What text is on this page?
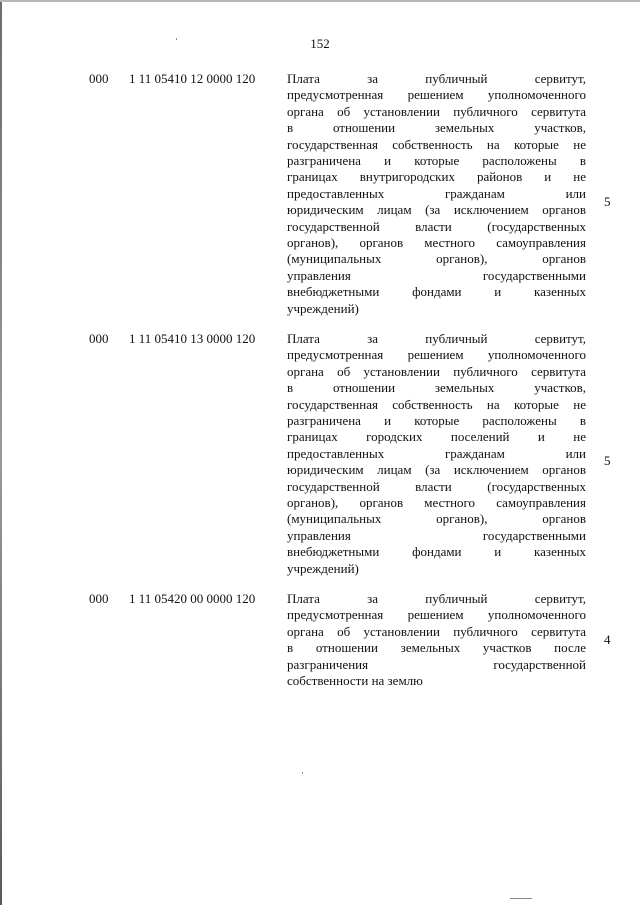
152
000 1 11 05410 12 0000 120 Плата за публичный сервитут,
предусмотренная решением уполномоченного
органа об установлении публичного сервитута
в отношении земельных участков,
государственная собственность на которые не
разграничена и которые расположены в
границах внутригородских районов и не
предоставленных гражданам или
юридическим лицам (за исключением органов
государственной власти (государственных
органов), органов местного самоуправления
(муниципальных органов), органов
управления государственными
внебюджетными фондами и казенных
учреждений)
5
000 1 11 05410 13 0000 120 Плата за публичный сервитут,
предусмотренная решением уполномоченного
органа об установлении публичного сервитута
в отношении земельных участков,
государственная собственность на которые не
разграничена и которые расположены в
границах городских поселений и не
предоставленных гражданам или
юридическим лицам (за исключением органов
государственной власти (государственных
органов), органов местного самоуправления
(муниципальных органов), органов
управления государственными
внебюджетными фондами и казенных
учреждений)
5
000 1 11 05420 00 0000 120 Плата за публичный сервитут,
предусмотренная решением уполномоченного
органа об установлении публичного сервитута
в отношении земельных участков после
разграничения государственной
собственности на землю
4
